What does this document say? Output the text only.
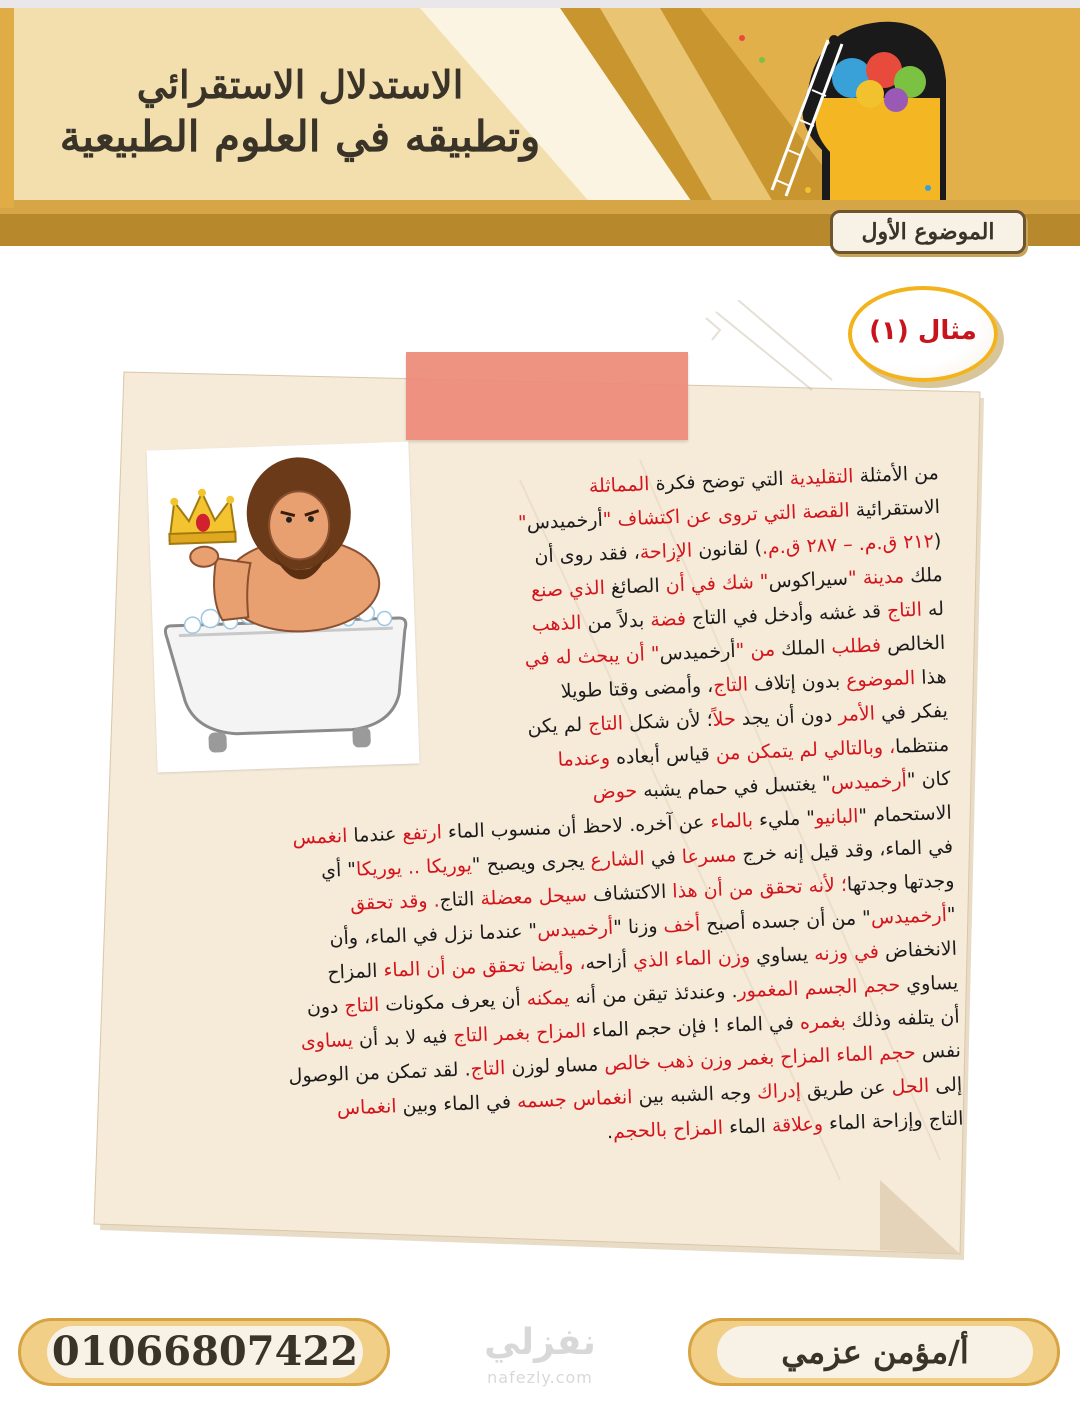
الاستدلال الاستقرائي
وتطبيقه في العلوم الطبيعية
الموضوع الأول
مثال (١)
من الأمثلة التقليدية التي توضح فكرة المماثلة
الاستقرائية القصة التي تروى عن اكتشاف "أرخميدس"
(٢١٢ ق.م. – ٢٨٧ ق.م.) لقانون الإزاحة، فقد روى أن
ملك مدينة "سيراكوس" شك في أن الصائغ الذي صنع
له التاج قد غشه وأدخل في التاج فضة بدلاً من الذهب
الخالص فطلب الملك من "أرخميدس" أن يبحث له في
هذا الموضوع بدون إتلاف التاج، وأمضى وقتا طويلا
يفكر في الأمر دون أن يجد حلاً؛ لأن شكل التاج لم يكن
منتظما، وبالتالي لم يتمكن من قياس أبعاده وعندما
كان "أرخميدس" يغتسل في حمام يشبه حوض
الاستحمام "البانيو" مليء بالماء عن آخره. لاحظ أن منسوب الماء ارتفع عندما انغمس	في الماء، وقد قيل إنه خرج مسرعا في الشارع يجرى ويصبح "يوريكا .. يوريكا" أي	وجدتها وجدتها؛ لأنه تحقق من أن هذا الاكتشاف سيحل معضلة التاج. وقد تحقق	"أرخميدس" من أن جسده أصبح أخف وزنا "أرخميدس" عندما نزل في الماء، وأن
الانخفاض في وزنه يساوي وزن الماء الذي أزاحه، وأيضا تحقق من أن الماء المزاح	يساوي حجم الجسم المغمور. وعندئذ تيقن من أنه يمكنه أن يعرف مكونات التاج دون	أن يتلفه وذلك بغمره في الماء ! فإن حجم الماء المزاح بغمر التاج فيه لا بد أن يساوى	نفس حجم الماء المزاح بغمر وزن ذهب خالص مساو لوزن التاج. لقد تمكن من الوصول	إلى الحل عن طريق إدراك وجه الشبه بين انغماس جسمه في الماء وبين انغماس
التاج وإزاحة الماء وعلاقة الماء المزاح بالحجم.
01066807422	نفزلي
nafezly.com
أ/مؤمن عزمي
